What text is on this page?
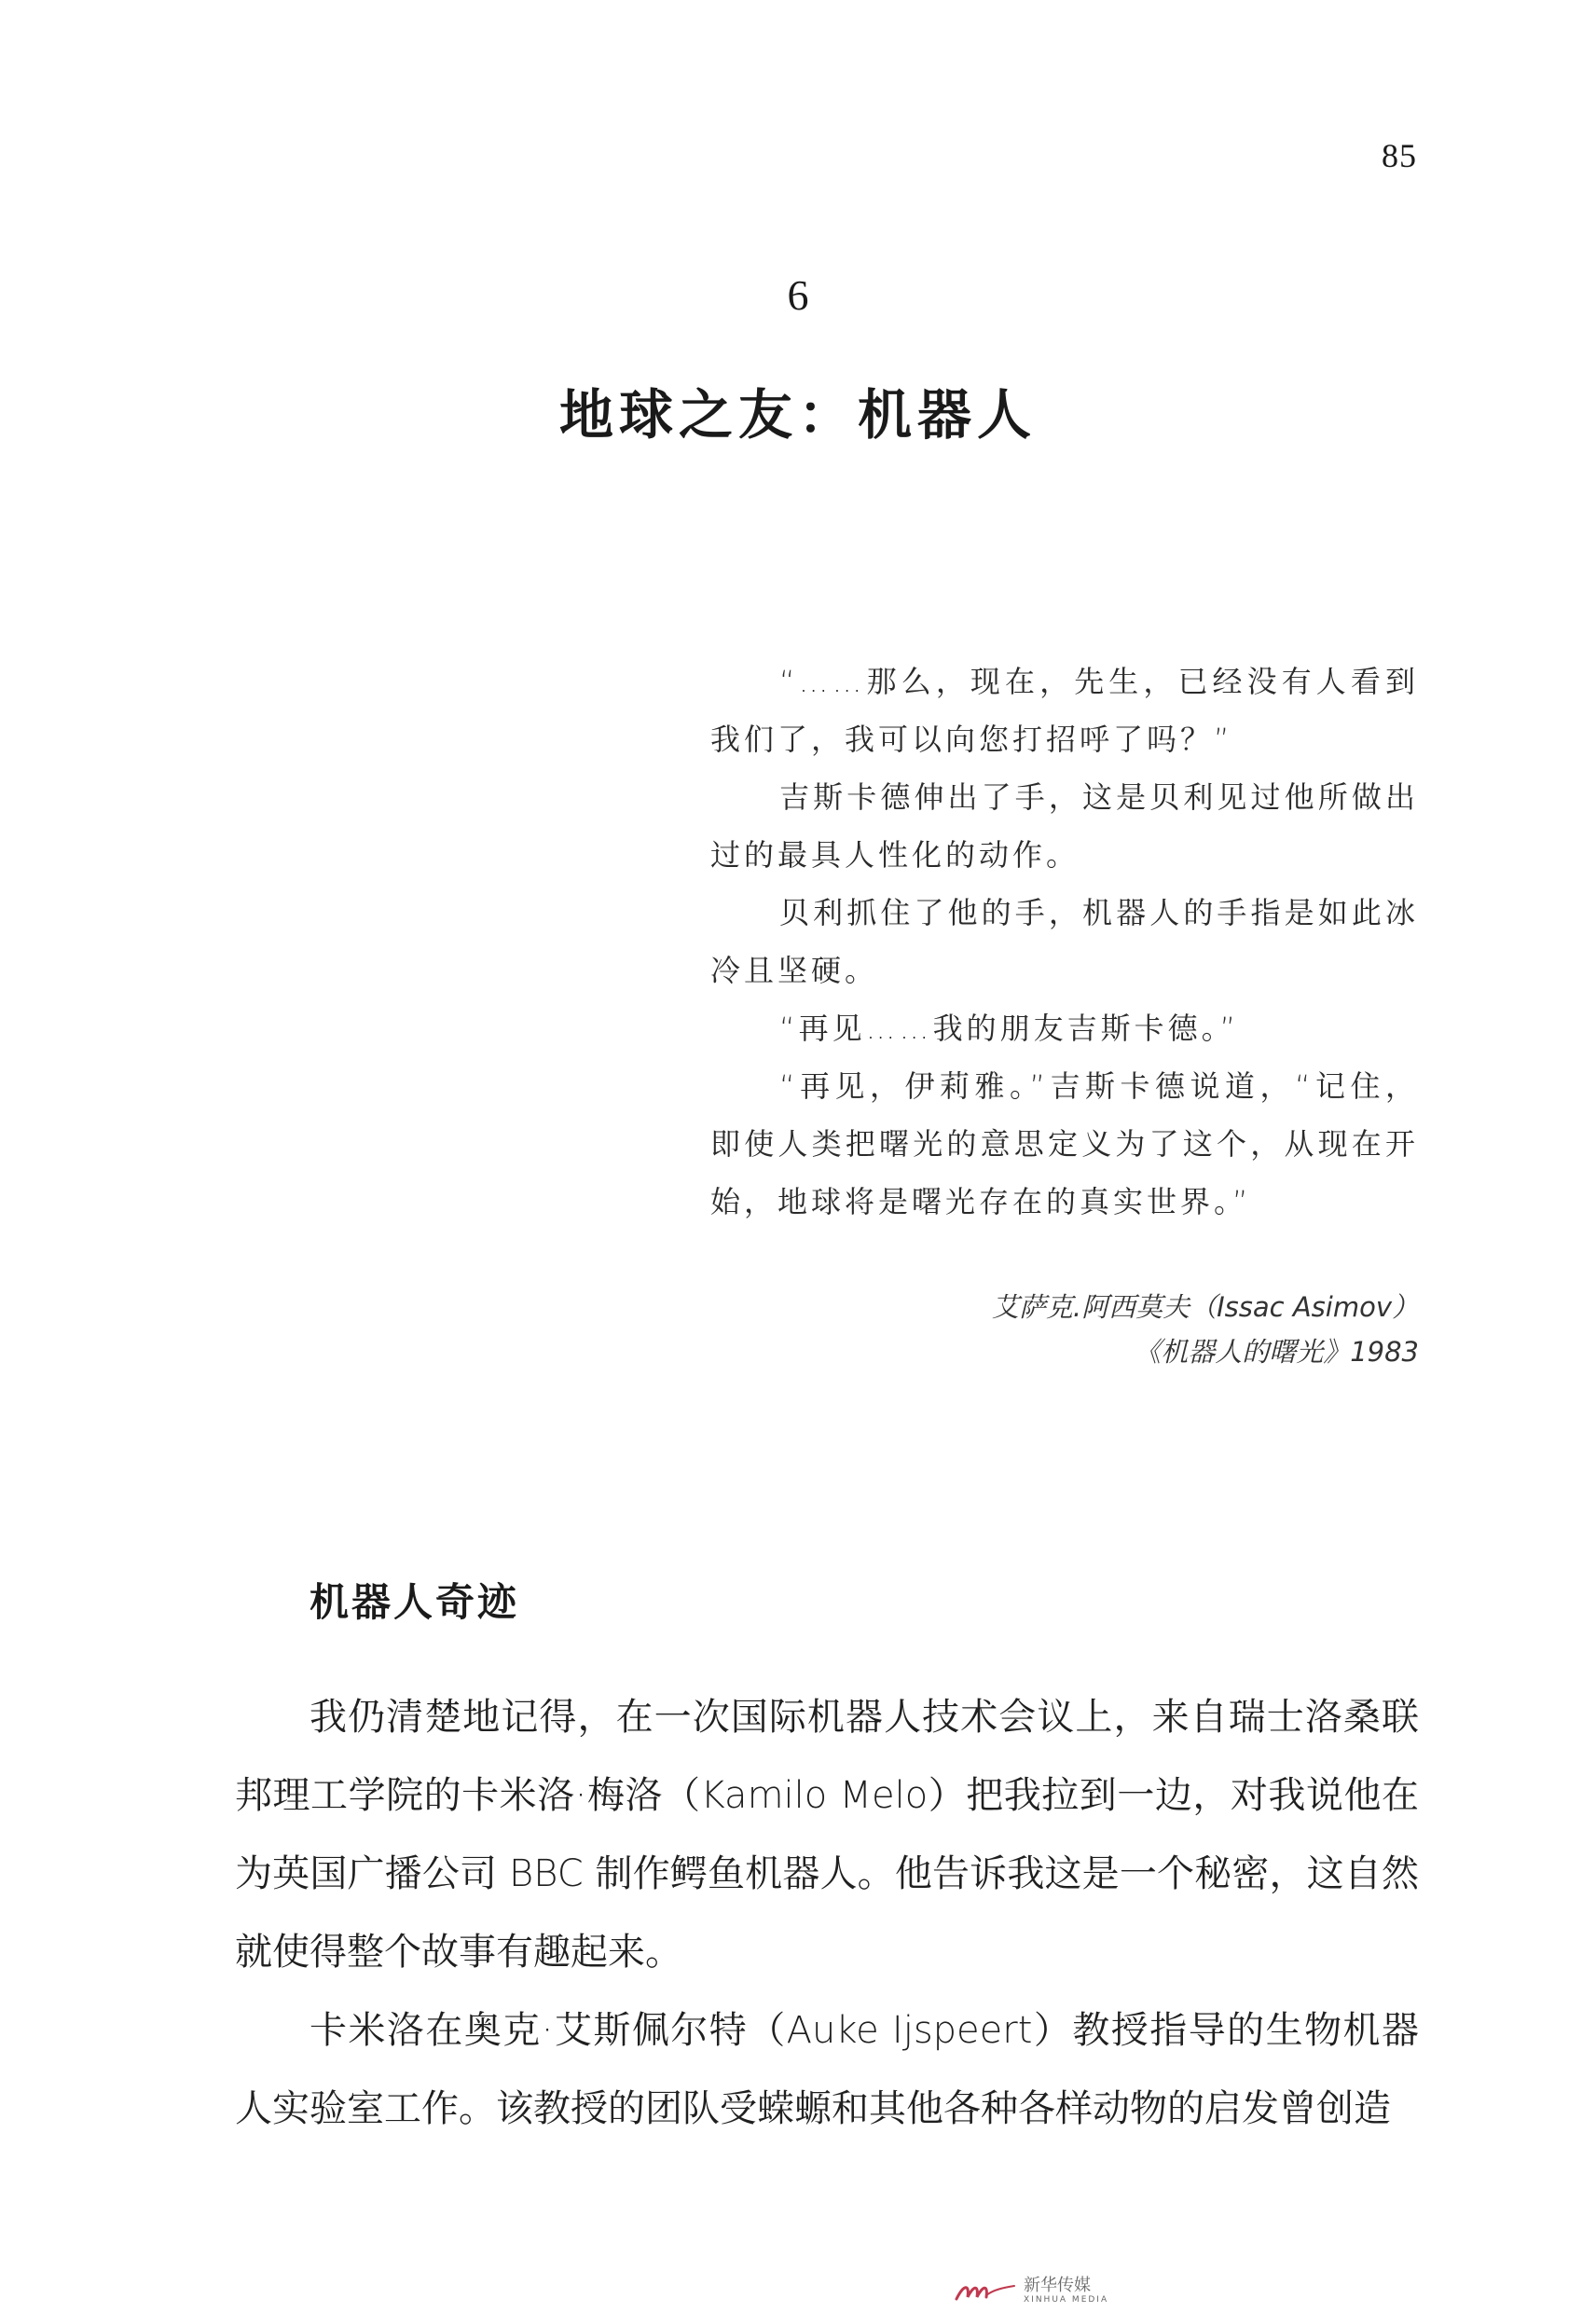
85
6
地球之友：机器人

“……那么，现在，先生，已经没有人看到我们了，我可以向您打招呼了吗？”

吉斯卡德伸出了手，这是贝利见过他所做出过的最具人性化的动作。

贝利抓住了他的手，机器人的手指是如此冰冷且坚硬。

“再见……我的朋友吉斯卡德。”

“再见，伊莉雅。”吉斯卡德说道，“记住，即使人类把曙光的意思定义为了这个，从现在开始，地球将是曙光存在的真实世界。”

艾萨克.阿西莫夫（Issac Asimov）
《机器人的曙光》1983
机器人奇迹

我仍清楚地记得，在一次国际机器人技术会议上，来自瑞士洛桑联邦理工学院的卡米洛·梅洛（Kamilo Melo）把我拉到一边，对我说他在为英国广播公司 BBC 制作鳄鱼机器人。他告诉我这是一个秘密，这自然就使得整个故事有趣起来。

卡米洛在奥克·艾斯佩尔特（Auke Ijspeert）教授指导的生物机器人实验室工作。该教授的团队受蝾螈和其他各种各样动物的启发曾创造

新华传媒
XINHUA MEDIA
